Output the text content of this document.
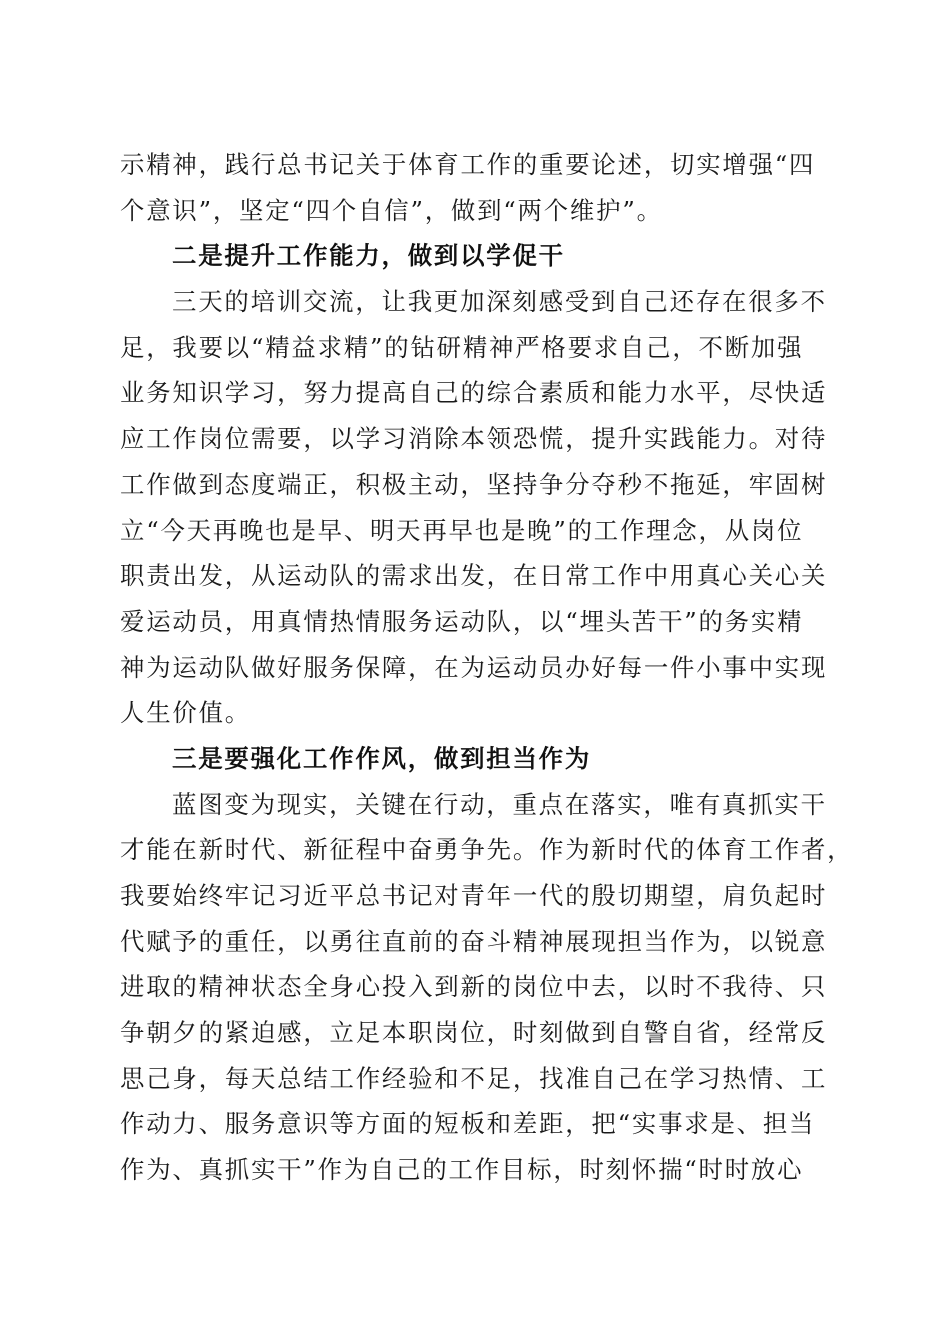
示精神，践行总书记关于体育工作的重要论述，切实增强“四
个意识”，坚定“四个自信”，做到“两个维护”。
二是提升工作能力，做到以学促干
三天的培训交流，让我更加深刻感受到自己还存在很多不
足，我要以“精益求精”的钻研精神严格要求自己，不断加强
业务知识学习，努力提高自己的综合素质和能力水平，尽快适
应工作岗位需要，以学习消除本领恐慌，提升实践能力。对待
工作做到态度端正，积极主动，坚持争分夺秒不拖延，牢固树
立“今天再晚也是早、明天再早也是晚”的工作理念，从岗位
职责出发，从运动队的需求出发，在日常工作中用真心关心关
爱运动员，用真情热情服务运动队，以“埋头苦干”的务实精
神为运动队做好服务保障，在为运动员办好每一件小事中实现
人生价值。
三是要强化工作作风，做到担当作为
蓝图变为现实，关键在行动，重点在落实，唯有真抓实干
才能在新时代、新征程中奋勇争先。作为新时代的体育工作者，
我要始终牢记习近平总书记对青年一代的殷切期望，肩负起时
代赋予的重任，以勇往直前的奋斗精神展现担当作为，以锐意
进取的精神状态全身心投入到新的岗位中去，以时不我待、只
争朝夕的紧迫感，立足本职岗位，时刻做到自警自省，经常反
思己身，每天总结工作经验和不足，找准自己在学习热情、工
作动力、服务意识等方面的短板和差距，把“实事求是、担当
作为、真抓实干”作为自己的工作目标，时刻怀揣“时时放心
